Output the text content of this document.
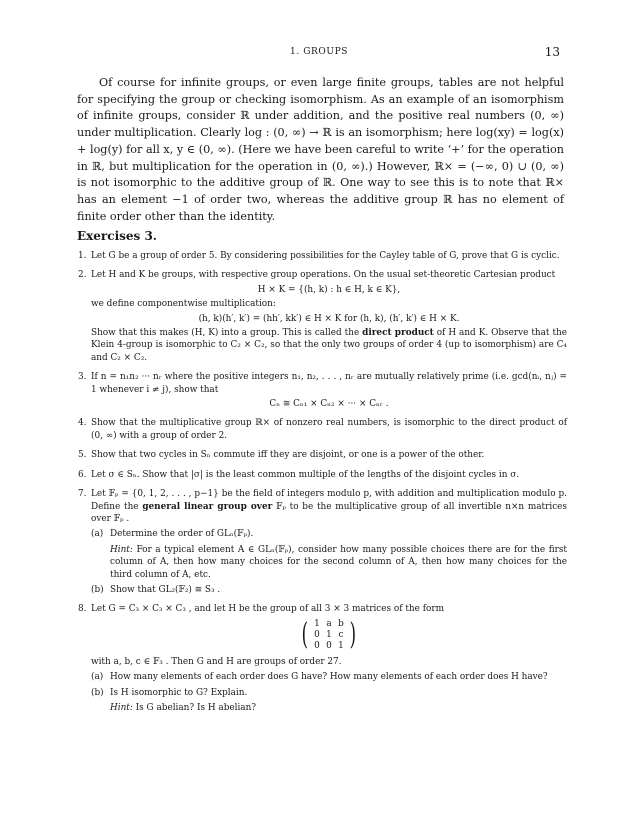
1. GROUPS	13

Of course for infinite groups, or even large finite groups, tables are not helpful for specifying the group or checking isomorphism. As an example of an isomorphism of infinite groups, consider ℝ under addition, and the positive real numbers (0, ∞) under multiplication. Clearly log : (0, ∞) → ℝ is an isomorphism; here log(xy) = log(x) + log(y) for all x, y ∈ (0, ∞). (Here we have been careful to write ‘+’ for the operation in ℝ, but multiplication for the operation in (0, ∞).) However, ℝ× = (−∞, 0) ∪ (0, ∞) is not isomorphic to the additive group of ℝ. One way to see this is to note that ℝ× has an element −1 of order two, whereas the additive group ℝ has no element of finite order other than the identity.

Exercises 3.
1. Let G be a group of order 5. By considering possibilities for the Cayley table of G, prove that G is cyclic.
2. Let H and K be groups, with respective group operations. On the usual set-theoretic Cartesian product
H × K = {(h, k) : h ∈ H, k ∈ K},
we define componentwise multiplication:
(h, k)(h′, k′) = (hh′, kk′) ∈ H × K for (h, k), (h′, k′) ∈ H × K.
Show that this makes (H, K) into a group. This is called the direct product of H and K. Observe that the Klein 4-group is isomorphic to C₂ × C₂, so that the only two groups of order 4 (up to isomorphism) are C₄ and C₂ × C₂.
3. If n = n₁n₂ ··· nᵣ where the positive integers n₁, n₂, . . . , nᵣ are mutually relatively prime (i.e. gcd(nᵢ, nⱼ) = 1 whenever i ≠ j), show that
Cₙ ≅ Cₙ₁ × Cₙ₂ × ··· × Cₙᵣ .
4. Show that the multiplicative group ℝ× of nonzero real numbers, is isomorphic to the direct product of (0, ∞) with a group of order 2.
5. Show that two cycles in Sₙ commute iff they are disjoint, or one is a power of the other.
6. Let σ ∈ Sₙ. Show that |σ| is the least common multiple of the lengths of the disjoint cycles in σ.
7. Let 𝔽ₚ = {0, 1, 2, . . . , p−1} be the field of integers modulo p, with addition and multiplication modulo p. Define the general linear group over 𝔽ₚ to be the multiplicative group of all invertible n×n matrices over 𝔽ₚ .
(a) Determine the order of GLₙ(𝔽ₚ).
Hint: For a typical element A ∈ GLₙ(𝔽ₚ), consider how many possible choices there are for the first column of A, then how many choices for the second column of A, then how many choices for the third column of A, etc.
(b) Show that GL₂(𝔽₂) ≅ S₃ .
8. Let G = C₃ × C₃ × C₃ , and let H be the group of all 3 × 3 matrices of the form
( 1 a b
0 1 c
0 0 1 )
with a, b, c ∈ 𝔽₃ . Then G and H are groups of order 27.
(a) How many elements of each order does G have? How many elements of each order does H have?
(b) Is H isomorphic to G? Explain.
Hint: Is G abelian? Is H abelian?
